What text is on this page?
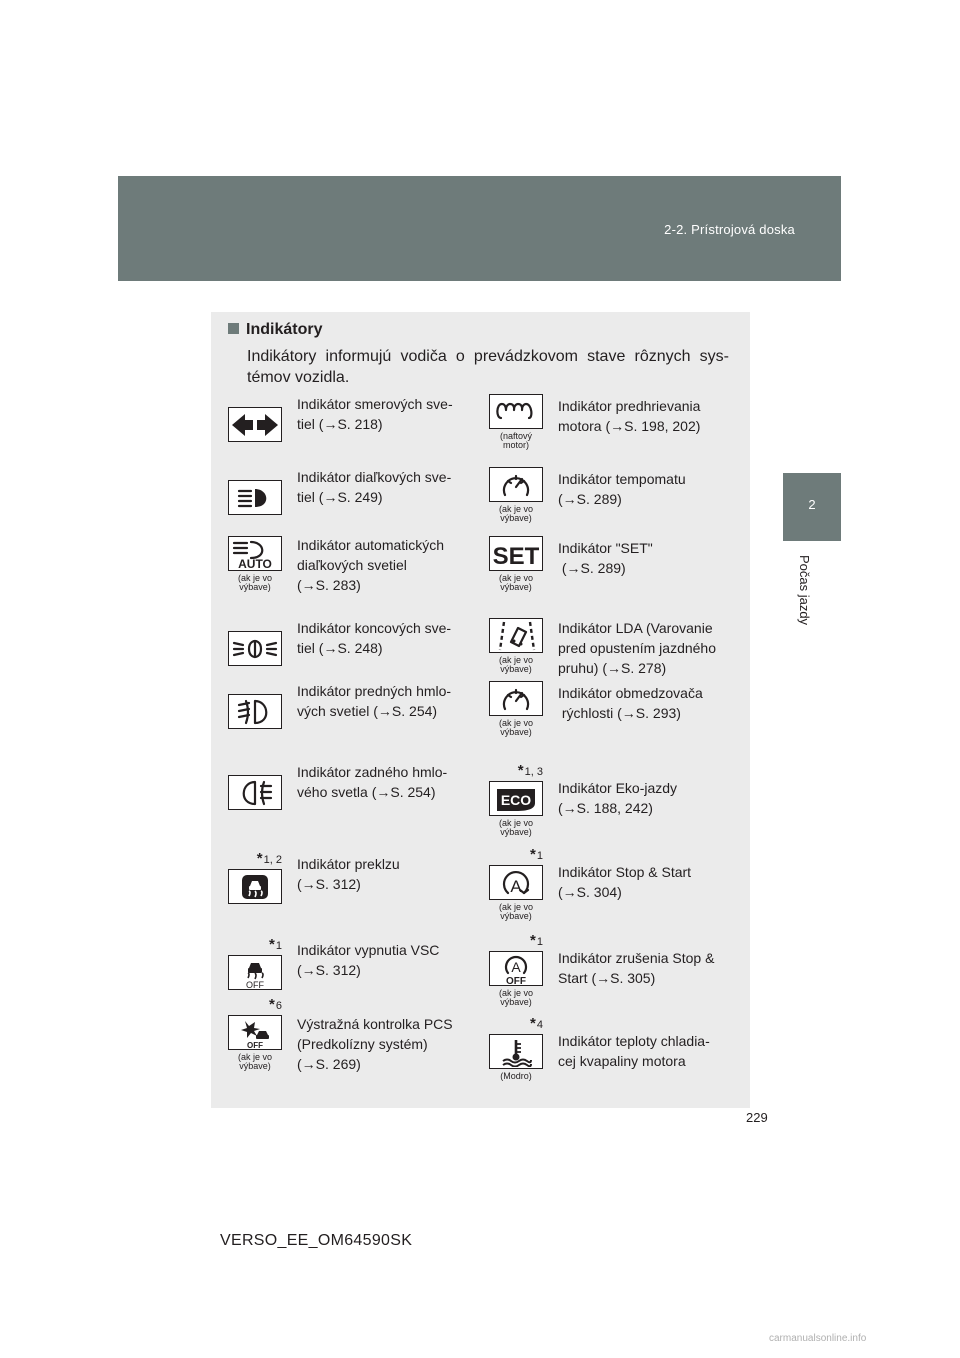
2-2. Prístrojová doska
2
Počas jazdy
Indikátory
Indikátory informujú vodiča o prevádzkovom stave rôznych sys- témov vozidla.
Indikátor smerových sve-
tiel (→S. 218)
(naftový
motor)
Indikátor predhrievania
motora (→S. 198, 202)
Indikátor diaľkových sve-
tiel (→S. 249)
(ak je vo
výbave)
Indikátor tempomatu
(→S. 289)
AUTO
(ak je vo
výbave)
Indikátor automatických
diaľkových svetiel
(→S. 283)
SET
(ak je vo
výbave)
Indikátor "SET"
(→S. 289)
Indikátor koncových sve-
tiel (→S. 248)
(ak je vo
výbave)
Indikátor LDA (Varovanie
pred opustením jazdného
pruhu) (→S. 278)
Indikátor predných hmlo-
vých svetiel (→S. 254)
(ak je vo
výbave)
Indikátor obmedzovača
rýchlosti (→S. 293)
Indikátor zadného hmlo-
vého svetla (→S. 254)
*1, 3
ECO
(ak je vo
výbave)
Indikátor Eko-jazdy
(→S. 188, 242)
*1, 2 Indikátor preklzu
(→S. 312)
*1
A
(ak je vo
výbave)
Indikátor Stop & Start
(→S. 304)
*1
OFF
Indikátor vypnutia VSC
(→S. 312)
*1
A
OFF
(ak je vo
výbave)
Indikátor zrušenia Stop &
Start (→S. 305)
*6
OFF
(ak je vo
výbave)
Výstražná kontrolka PCS
(Predkolízny systém)
(→S. 269)
*4
(Modro)
Indikátor teploty chladia-
cej kvapaliny motora
229
VERSO_EE_OM64590SK
carmanualsonline.info
